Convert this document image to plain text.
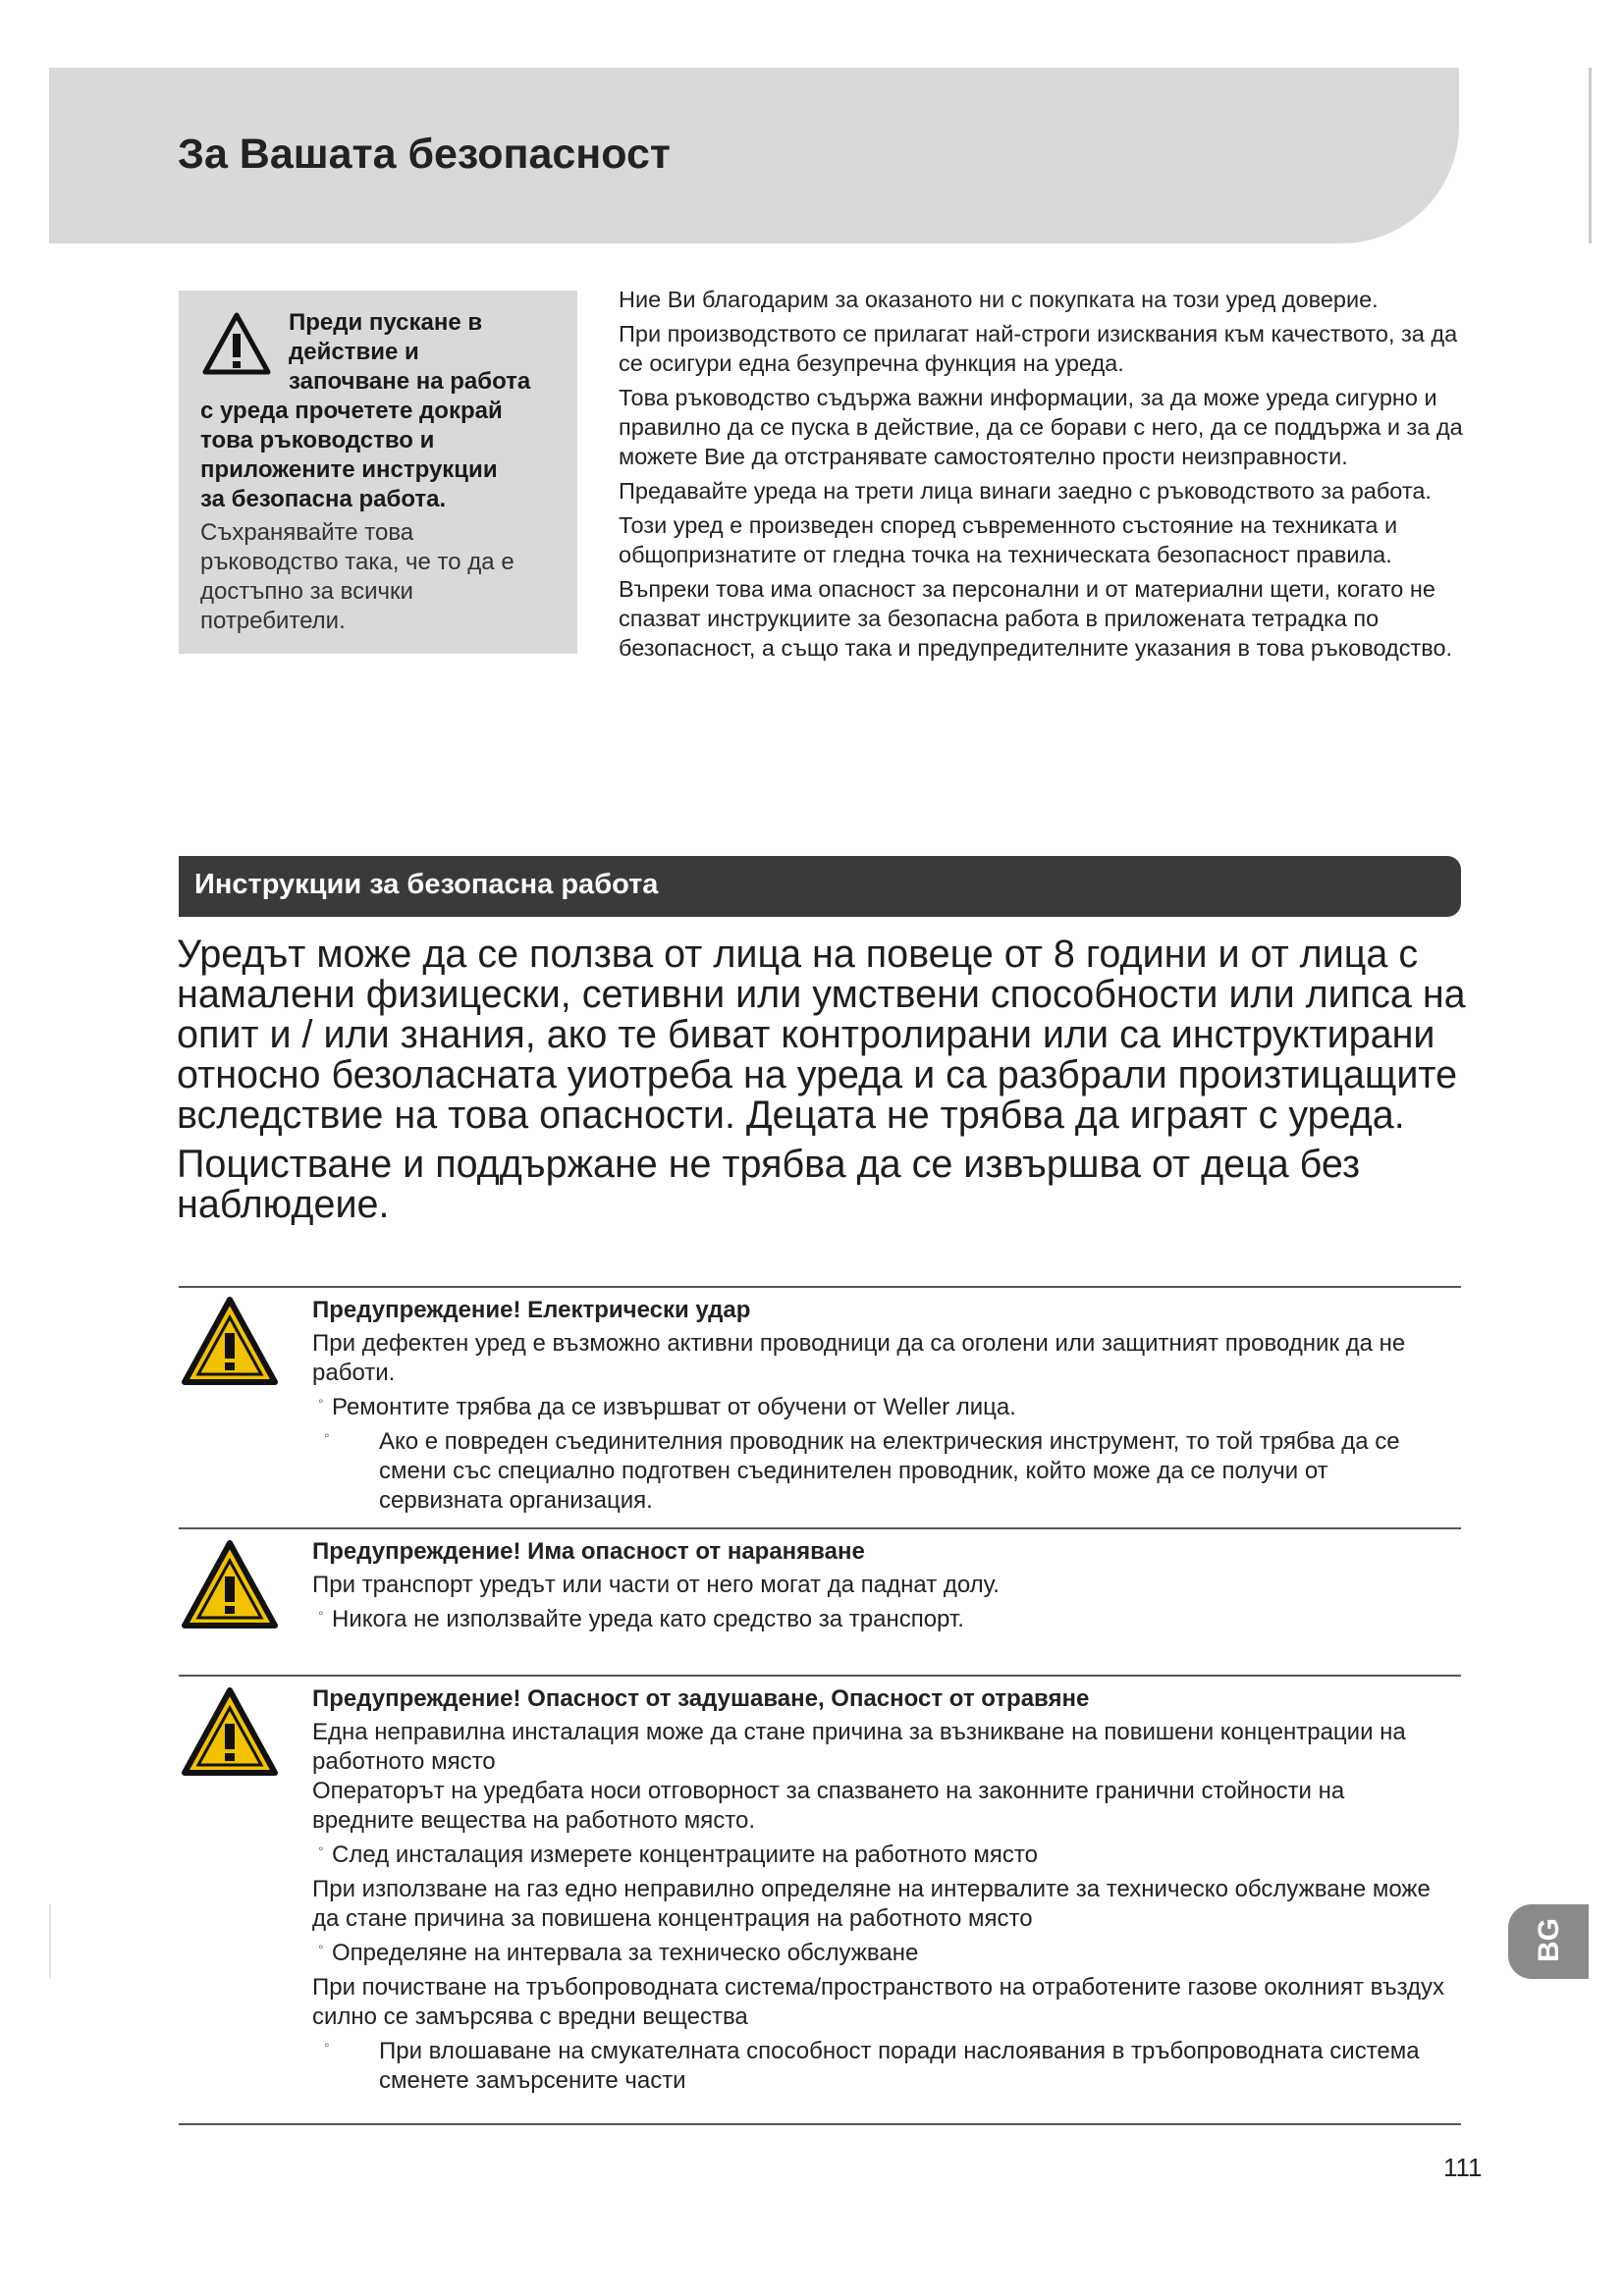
За Вашата безопасност

Преди пускане в
действие и
започване на работа
с уреда прочетете докрай
това ръководство и
приложените инструкции
за безопасна работа.

Съхранявайте това ръководство така, че то да е достъпно за всички потребители.

Ние Ви благодарим за оказаното ни с покупката на този уред доверие.

При производството се прилагат най-строги изисквания към качеството, за да се осигури една безупречна функция на уреда.

Това ръководство съдържа важни информации, за да може уреда сигурно и правилно да се пуска в действие, да се борави с него, да се поддържа и за да можете Вие да отстранявате самостоятелно прости неизправности.

Предавайте уреда на трети лица винаги заедно с ръководството за работа.

Този уред е произведен според съвременното състояние на техниката и общопризнатите от гледна точка на техническата безопасност правила.

Въпреки това има опасност за персонални и от материални щети, когато не спазват инструкциите за безопасна работа в приложената тетрадка по безопасност, а също така и предупредителните указания в това ръководство.

Инструкции за безопасна работа

Уредът може да се ползва от лица на повеце от 8 години и от лица с намалени физицески, сетивни или умствени способности или липса на опит и / или знания, ако те биват контролирани или са инструктирани относно безоласната уиотреба на уреда и са разбрали произтицащите вследствие на това опасности. Децата не трябва да играят с уреда.

Поцистване и поддържане не трябва да се извършва от деца без наблюдеие.

Предупреждение! Електрически удар

При дефектен уред е възможно активни проводници да са оголени или защитният проводник да не работи.

° Ремонтите трябва да се извършват от обучени от Weller лица.

° Ако е повреден съединителния проводник на електрическия инструмент, то той трябва да се смени със специално подготвен съединителен проводник, който може да се получи от сервизната организация.

Предупреждение! Има опасност от нараняване

При транспорт уредът или части от него могат да паднат долу.

° Никога не използвайте уреда като средство за транспорт.

Предупреждение! Опасност от задушаване, Опасност от отравяне

Една неправилна инсталация може да стане причина за възникване на повишени концентрации на работното място

Операторът на уредбата носи отговорност за спазването на законните гранични стойности на вредните вещества на работното място.

° След инсталация измерете концентрациите на работното място

При използване на газ едно неправилно определяне на интервалите за техническо обслужване може да стане причина за повишена концентрация на работното място

° Определяне на интервала за техническо обслужване

При почистване на тръбопроводната система/пространството на отработените газове околният въздух силно се замърсява с вредни вещества

° При влошаване на смукателната способност поради наслоявания в тръбопроводната система сменете замърсените части

BG
111
